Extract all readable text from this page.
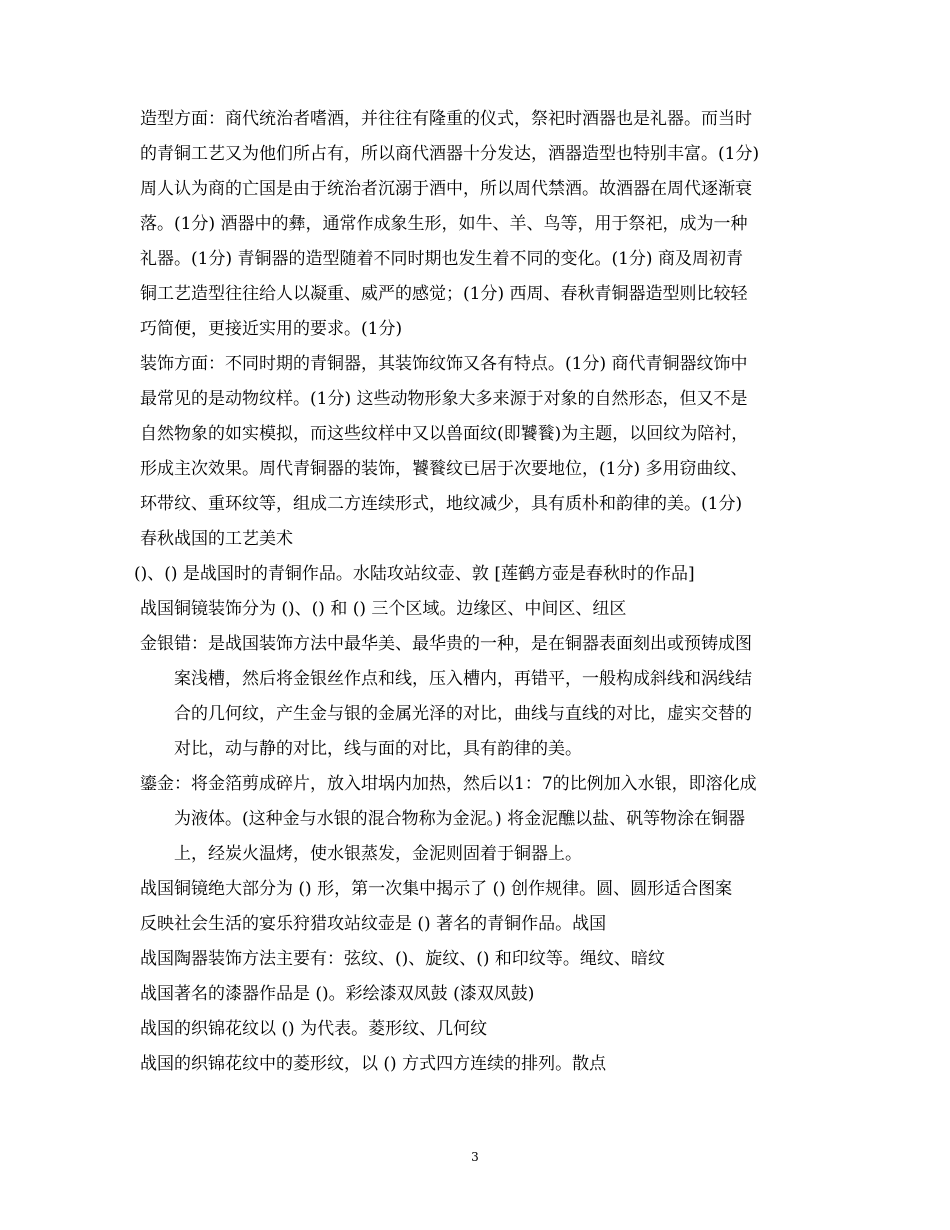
造型方面：商代统治者嗜酒，并往往有隆重的仪式，祭祀时酒器也是礼器。而当时
的青铜工艺又为他们所占有，所以商代酒器十分发达，酒器造型也特别丰富。(1分)
周人认为商的亡国是由于统治者沉溺于酒中，所以周代禁酒。故酒器在周代逐渐衰
落。(1分) 酒器中的彝，通常作成象生形，如牛、羊、鸟等，用于祭祀，成为一种
礼器。(1分) 青铜器的造型随着不同时期也发生着不同的变化。(1分) 商及周初青
铜工艺造型往往给人以凝重、威严的感觉；(1分) 西周、春秋青铜器造型则比较轻
巧简便，更接近实用的要求。(1分)
装饰方面：不同时期的青铜器，其装饰纹饰又各有特点。(1分) 商代青铜器纹饰中
最常见的是动物纹样。(1分) 这些动物形象大多来源于对象的自然形态，但又不是
自然物象的如实模拟，而这些纹样中又以兽面纹(即饕餮)为主题，以回纹为陪衬，
形成主次效果。周代青铜器的装饰，饕餮纹已居于次要地位，(1分) 多用窃曲纹、
环带纹、重环纹等，组成二方连续形式，地纹减少，具有质朴和韵律的美。(1分)
春秋战国的工艺美术
()、() 是战国时的青铜作品。水陆攻站纹壶、敦 [莲鹤方壶是春秋时的作品]
战国铜镜装饰分为 ()、() 和 () 三个区域。边缘区、中间区、纽区
金银错：是战国装饰方法中最华美、最华贵的一种，是在铜器表面刻出或预铸成图
案浅槽，然后将金银丝作点和线，压入槽内，再错平，一般构成斜线和涡线结
合的几何纹，产生金与银的金属光泽的对比，曲线与直线的对比，虚实交替的
对比，动与静的对比，线与面的对比，具有韵律的美。
鎏金：将金箔剪成碎片，放入坩埚内加热，然后以1：7的比例加入水银，即溶化成
为液体。(这种金与水银的混合物称为金泥。) 将金泥醮以盐、矾等物涂在铜器
上，经炭火温烤，使水银蒸发，金泥则固着于铜器上。
战国铜镜绝大部分为 () 形，第一次集中揭示了 () 创作规律。圆、圆形适合图案
反映社会生活的宴乐狩猎攻站纹壶是 () 著名的青铜作品。战国
战国陶器装饰方法主要有：弦纹、()、旋纹、() 和印纹等。绳纹、暗纹
战国著名的漆器作品是 ()。彩绘漆双凤鼓 (漆双凤鼓)
战国的织锦花纹以 () 为代表。菱形纹、几何纹
战国的织锦花纹中的菱形纹，以 () 方式四方连续的排列。散点
3
